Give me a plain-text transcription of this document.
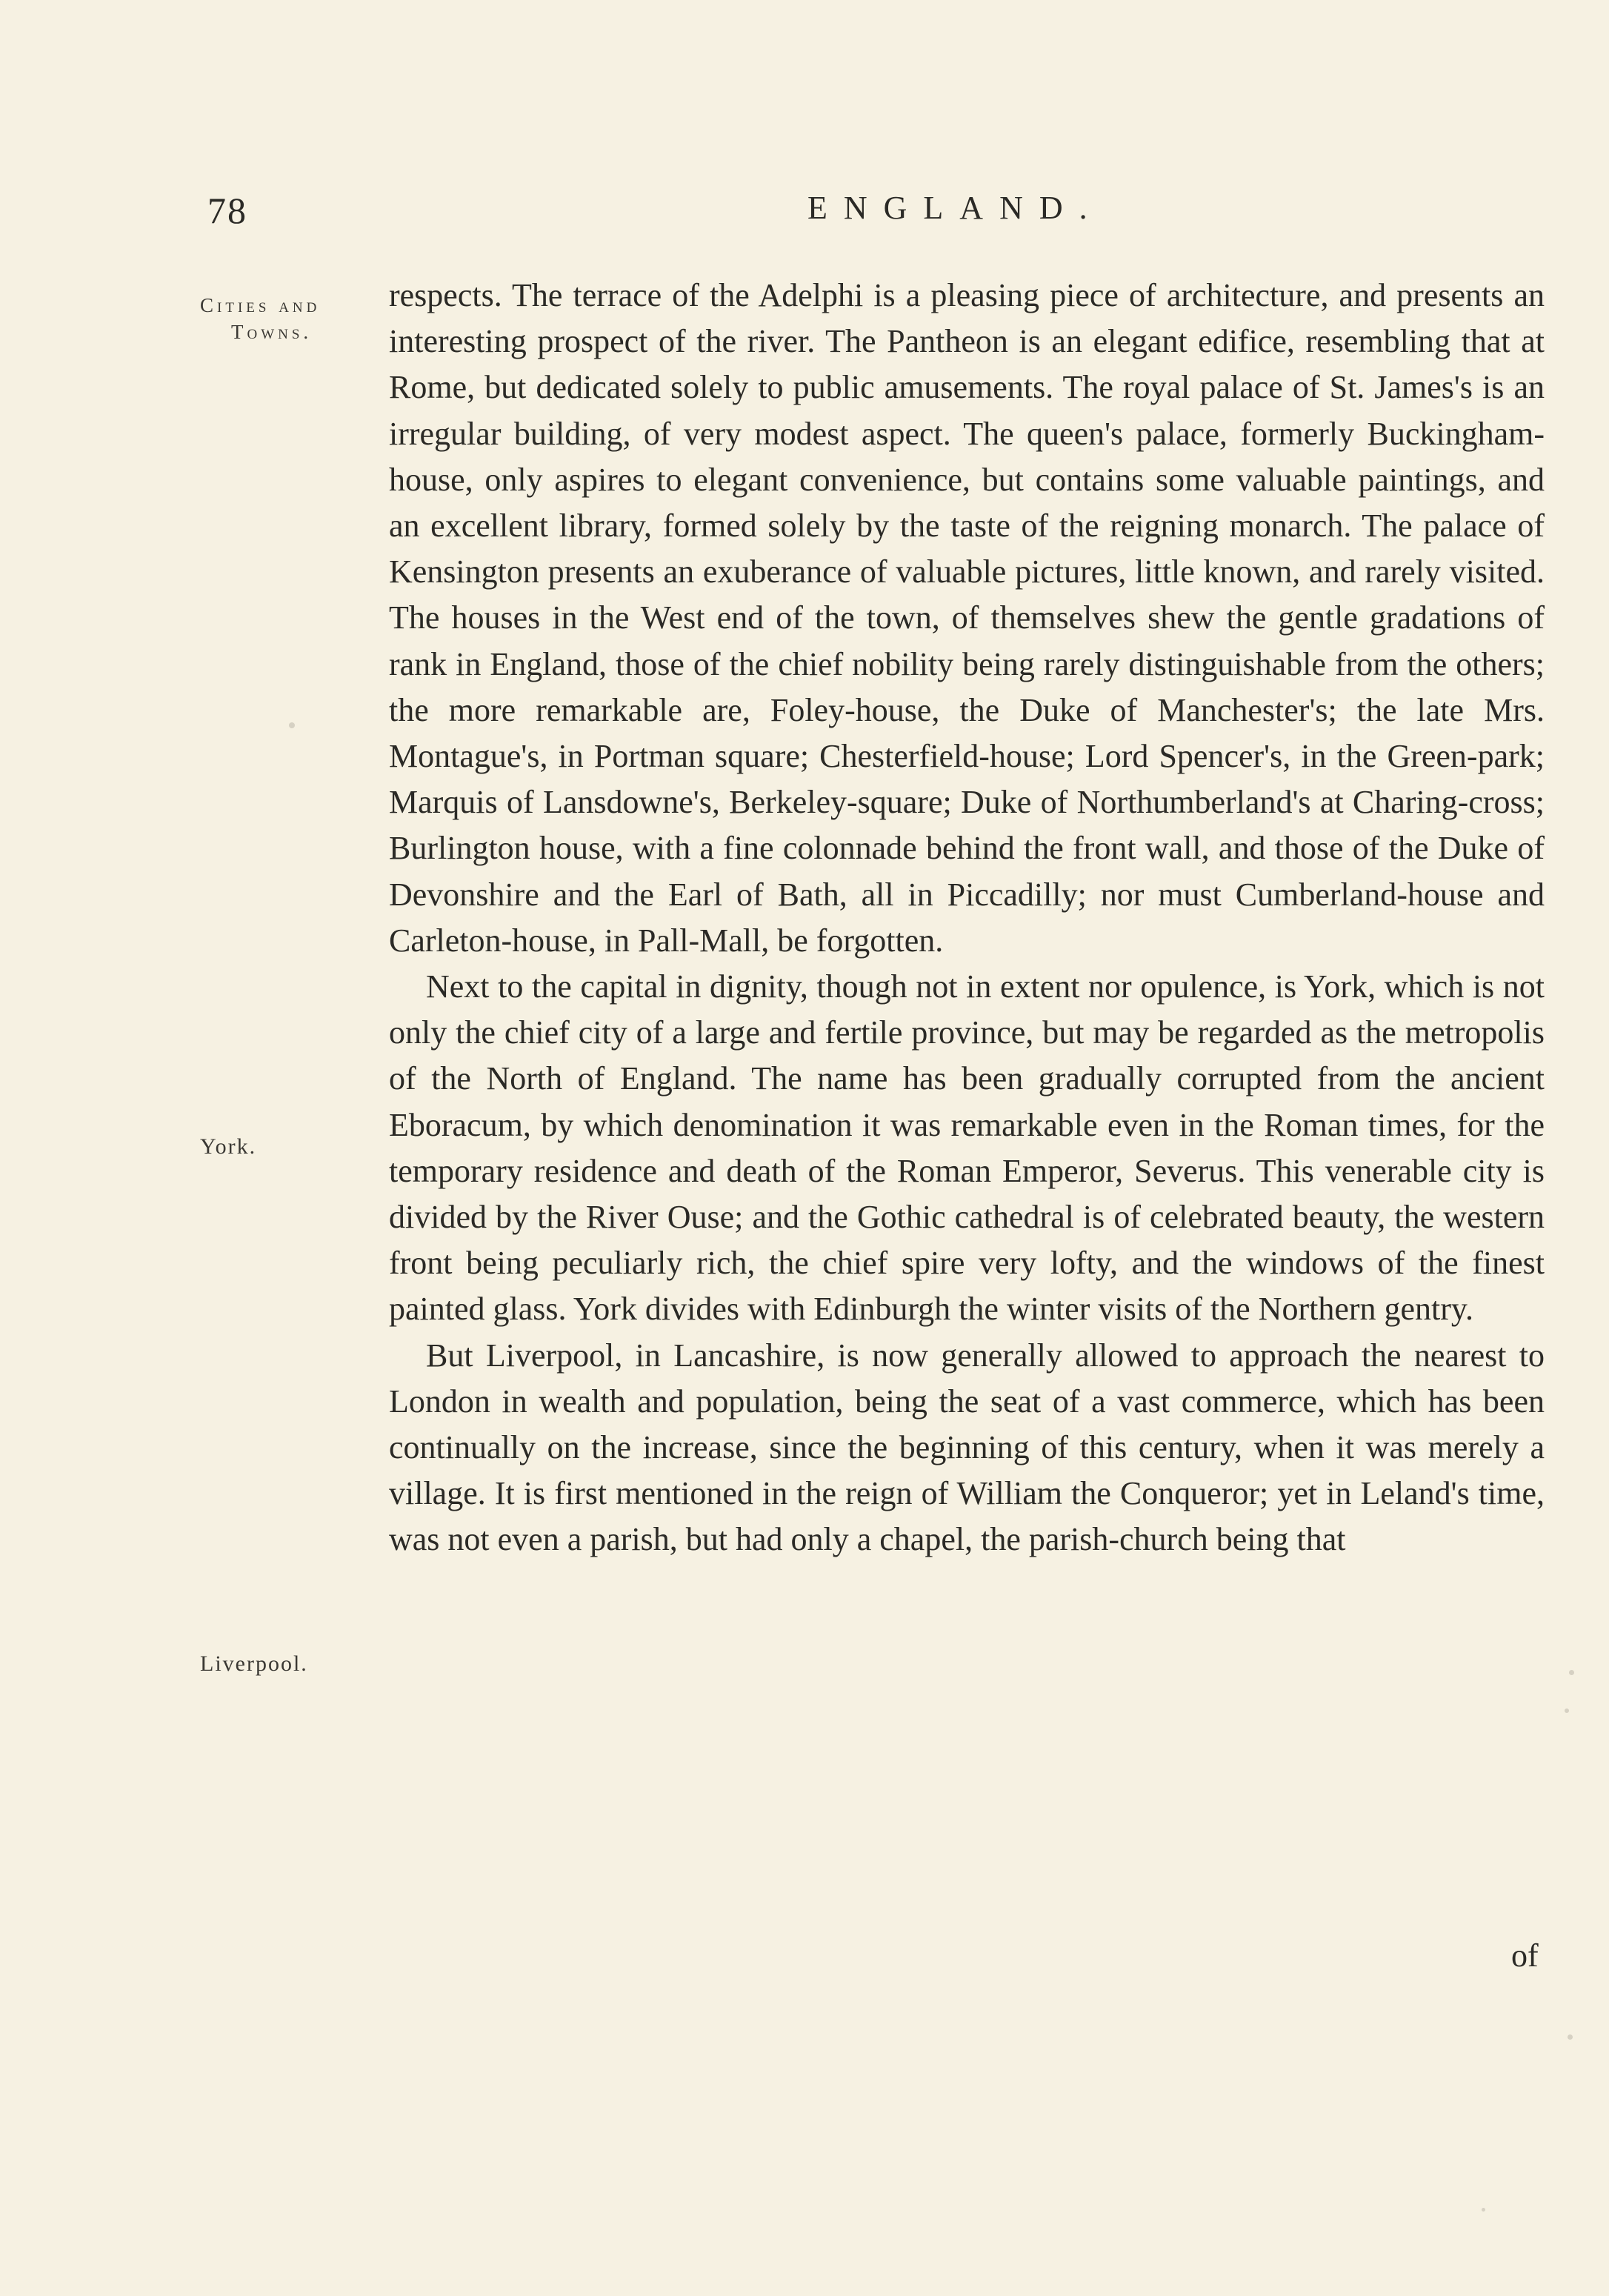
78	ENGLAND.
Cities and
Towns.
York.
Liverpool.

respects. The terrace of the Adelphi is a pleasing piece of architecture, and presents an interesting prospect of the river. The Pantheon is an elegant edifice, resembling that at Rome, but dedicated solely to public amusements. The royal palace of St. James's is an irregular building, of very modest aspect. The queen's palace, formerly Buckingham-house, only aspires to elegant convenience, but contains some valuable paintings, and an excellent library, formed solely by the taste of the reigning monarch. The palace of Kensington presents an exuberance of valuable pictures, little known, and rarely visited. The houses in the West end of the town, of themselves shew the gentle gradations of rank in England, those of the chief nobility being rarely distinguishable from the others; the more remarkable are, Foley-house, the Duke of Manchester's; the late Mrs. Montague's, in Portman square; Chesterfield-house; Lord Spencer's, in the Green-park; Marquis of Lansdowne's, Berkeley-square; Duke of Northumberland's at Charing-cross; Burlington house, with a fine colonnade behind the front wall, and those of the Duke of Devonshire and the Earl of Bath, all in Piccadilly; nor must Cumberland-house and Carleton-house, in Pall-Mall, be forgotten.

Next to the capital in dignity, though not in extent nor opulence, is York, which is not only the chief city of a large and fertile province, but may be regarded as the metropolis of the North of England. The name has been gradually corrupted from the ancient Eboracum, by which denomination it was remarkable even in the Roman times, for the temporary residence and death of the Roman Emperor, Severus. This venerable city is divided by the River Ouse; and the Gothic cathedral is of celebrated beauty, the western front being peculiarly rich, the chief spire very lofty, and the windows of the finest painted glass. York divides with Edinburgh the winter visits of the Northern gentry.

But Liverpool, in Lancashire, is now generally allowed to approach the nearest to London in wealth and population, being the seat of a vast commerce, which has been continually on the increase, since the beginning of this century, when it was merely a village. It is first mentioned in the reign of William the Conqueror; yet in Leland's time, was not even a parish, but had only a chapel, the parish-church being that

of
